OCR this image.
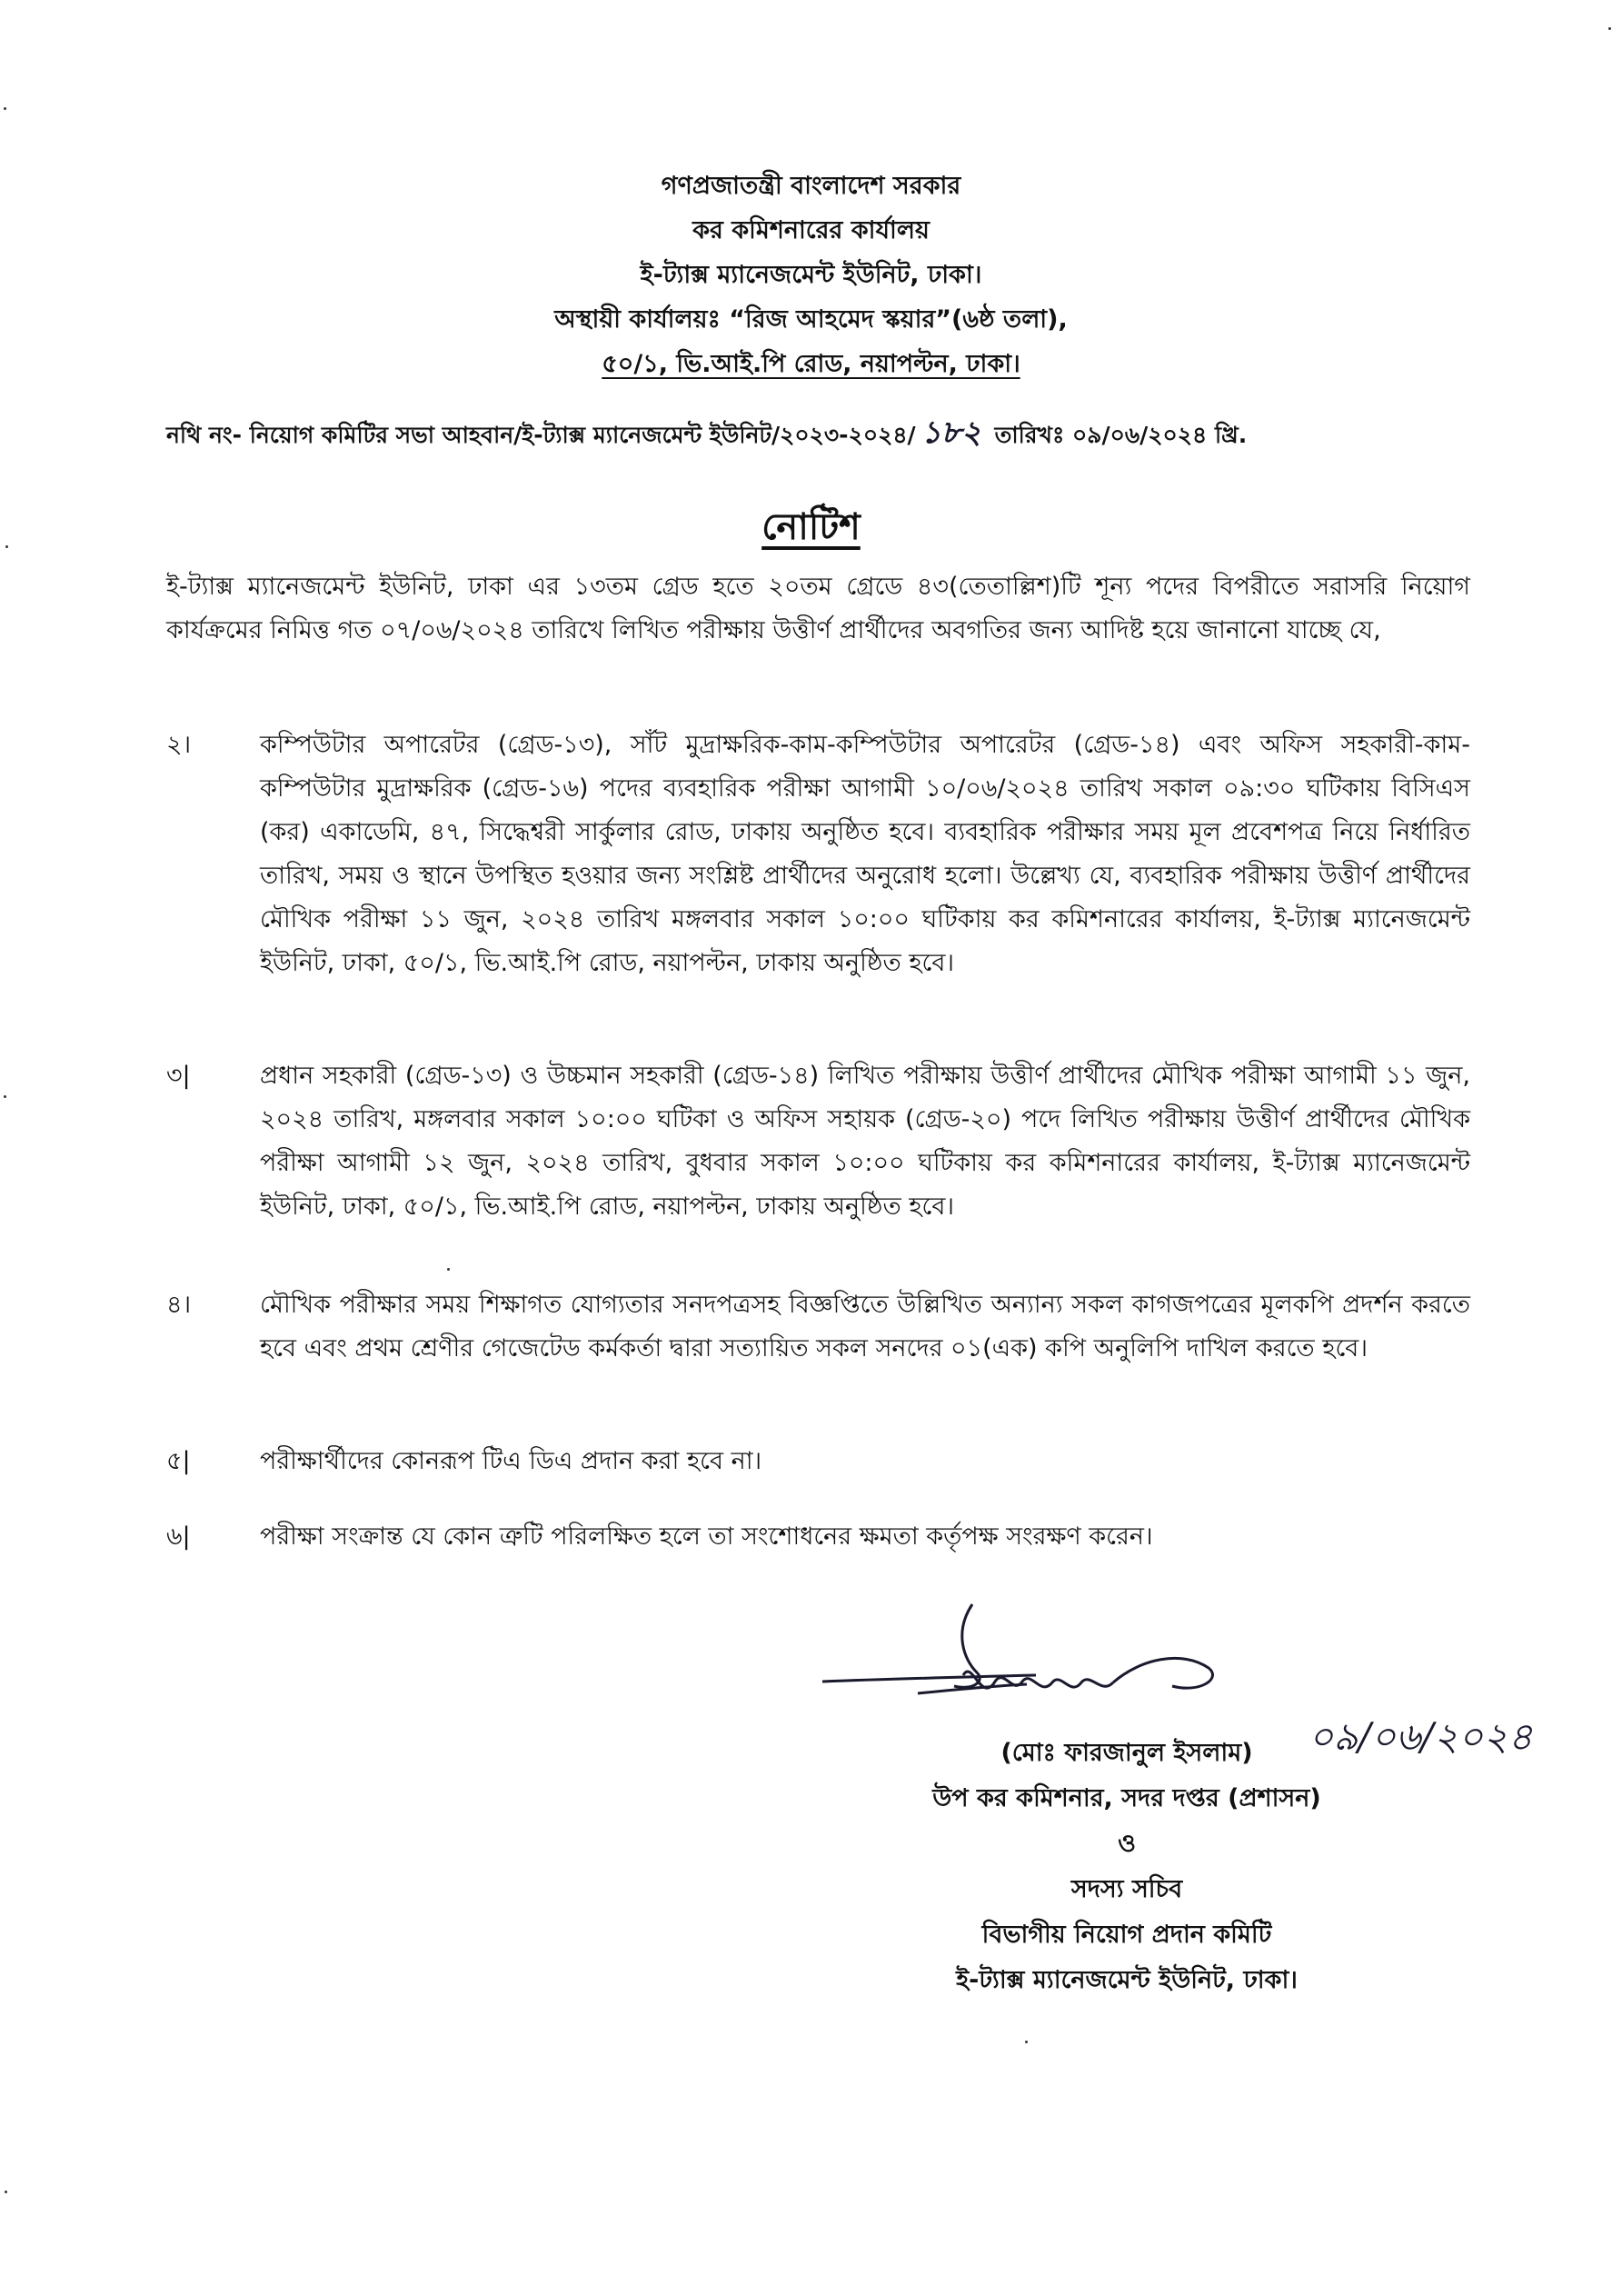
গণপ্রজাতন্ত্রী বাংলাদেশ সরকার
কর কমিশনারের কার্যালয়
ই-ট্যাক্স ম্যানেজমেন্ট ইউনিট, ঢাকা।
অস্থায়ী কার্যালয়ঃ “রিজ আহমেদ স্কয়ার”(৬ষ্ঠ তলা),
৫০/১, ভি.আই.পি রোড, নয়াপল্টন, ঢাকা।
নথি নং- নিয়োগ কমিটির সভা আহবান/ই-ট্যাক্স ম্যানেজমেন্ট ইউনিট/২০২৩-২০২৪/ ১৮২ তারিখঃ ০৯/০৬/২০২৪ খ্রি.
নোটিশ
ই-ট্যাক্স ম্যানেজমেন্ট ইউনিট, ঢাকা এর ১৩তম গ্রেড হতে ২০তম গ্রেডে ৪৩(তেতাল্লিশ)টি শূন্য পদের বিপরীতে সরাসরি নিয়োগ কার্যক্রমের নিমিত্ত গত ০৭/০৬/২০২৪ তারিখে লিখিত পরীক্ষায় উত্তীর্ণ প্রার্থীদের অবগতির জন্য আদিষ্ট হয়ে জানানো যাচ্ছে যে,
২।	কম্পিউটার অপারেটর (গ্রেড-১৩), সাঁট মুদ্রাক্ষরিক-কাম-কম্পিউটার অপারেটর (গ্রেড-১৪) এবং অফিস সহকারী-কাম-কম্পিউটার মুদ্রাক্ষরিক (গ্রেড-১৬) পদের ব্যবহারিক পরীক্ষা আগামী ১০/০৬/২০২৪ তারিখ সকাল ০৯:৩০ ঘটিকায় বিসিএস (কর) একাডেমি, ৪৭, সিদ্ধেশ্বরী সার্কুলার রোড, ঢাকায় অনুষ্ঠিত হবে। ব্যবহারিক পরীক্ষার সময় মূল প্রবেশপত্র নিয়ে নির্ধারিত তারিখ, সময় ও স্থানে উপস্থিত হওয়ার জন্য সংশ্লিষ্ট প্রার্থীদের অনুরোধ হলো। উল্লেখ্য যে, ব্যবহারিক পরীক্ষায় উত্তীর্ণ প্রার্থীদের মৌখিক পরীক্ষা ১১ জুন, ২০২৪ তারিখ মঙ্গলবার সকাল ১০:০০ ঘটিকায় কর কমিশনারের কার্যালয়, ই-ট্যাক্স ম্যানেজমেন্ট ইউনিট, ঢাকা, ৫০/১, ভি.আই.পি রোড, নয়াপল্টন, ঢাকায় অনুষ্ঠিত হবে।
৩|	প্রধান সহকারী (গ্রেড-১৩) ও উচ্চমান সহকারী (গ্রেড-১৪) লিখিত পরীক্ষায় উত্তীর্ণ প্রার্থীদের মৌখিক পরীক্ষা আগামী ১১ জুন, ২০২৪ তারিখ, মঙ্গলবার সকাল ১০:০০ ঘটিকা ও অফিস সহায়ক (গ্রেড-২০) পদে লিখিত পরীক্ষায় উত্তীর্ণ প্রার্থীদের মৌখিক পরীক্ষা আগামী ১২ জুন, ২০২৪ তারিখ, বুধবার সকাল ১০:০০ ঘটিকায় কর কমিশনারের কার্যালয়, ই-ট্যাক্স ম্যানেজমেন্ট ইউনিট, ঢাকা, ৫০/১, ভি.আই.পি রোড, নয়াপল্টন, ঢাকায় অনুষ্ঠিত হবে।
৪।	মৌখিক পরীক্ষার সময় শিক্ষাগত যোগ্যতার সনদপত্রসহ বিজ্ঞপ্তিতে উল্লিখিত অন্যান্য সকল কাগজপত্রের মূলকপি প্রদর্শন করতে হবে এবং প্রথম শ্রেণীর গেজেটেড কর্মকর্তা দ্বারা সত্যায়িত সকল সনদের ০১(এক) কপি অনুলিপি দাখিল করতে হবে।
৫|	পরীক্ষার্থীদের কোনরূপ টিএ ডিএ প্রদান করা হবে না।
৬|	পরীক্ষা সংক্রান্ত যে কোন ত্রুটি পরিলক্ষিত হলে তা সংশোধনের ক্ষমতা কর্তৃপক্ষ সংরক্ষণ করেন।
০৯/০৬/২০২৪
(মোঃ ফারজানুল ইসলাম)
উপ কর কমিশনার, সদর দপ্তর (প্রশাসন)
ও
সদস্য সচিব
বিভাগীয় নিয়োগ প্রদান কমিটি
ই-ট্যাক্স ম্যানেজমেন্ট ইউনিট, ঢাকা।
